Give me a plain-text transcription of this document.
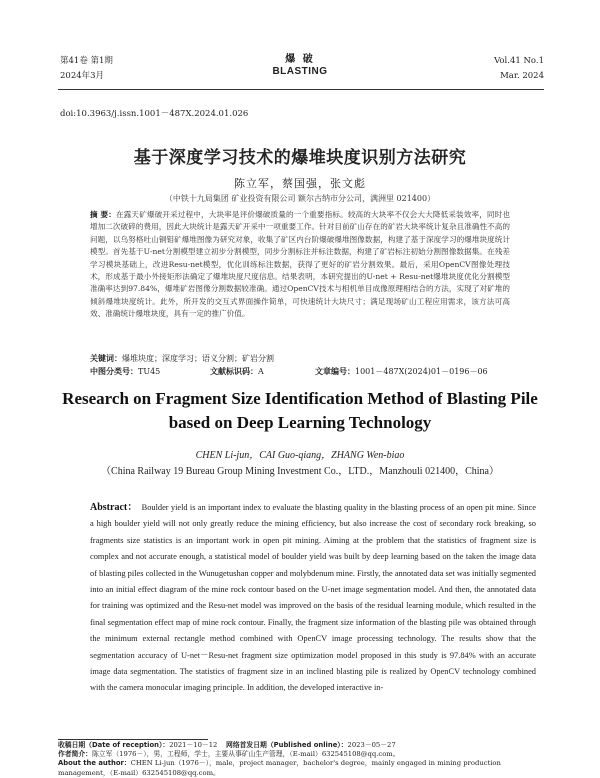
第41卷 第1期
2024年3月
爆 破
BLASTING
Vol.41 No.1
Mar. 2024
doi:10.3963/j.issn.1001－487X.2024.01.026
基于深度学习技术的爆堆块度识别方法研究
陈立军，蔡国强，张文彪
（中铁十九局集团 矿业投资有限公司 额尔古纳市分公司，满洲里 021400）
摘 要：在露天矿爆破开采过程中，大块率是评价爆破质量的一个重要指标。较高的大块率不仅会大大降低采装效率，同时也增加二次破碎的费用，因此大块统计是露天矿开采中一项重要工作。针对目前矿山存在的矿岩大块率统计复杂且准确性不高的问题，以乌努格吐山铜钼矿爆堆图像为研究对象，收集了矿区内台阶爆破爆堆图像数据，构建了基于深度学习的爆堆块度统计模型。首先基于U-net分割模型建立初步分割模型，同步分割标注并标注数据，构建了矿岩标注初始分割图像数据集。在残差学习模块基础上，改进Resu-net模型，优化训练标注数据，获得了更好的矿岩分割效果。最后，采用OpenCV图像处理技术，形成基于最小外接矩形法确定了爆堆块度尺度信息。结果表明，本研究提出的U-net + Resu-net爆堆块度优化分割模型准确率达到97.84%，爆堆矿岩图像分割数据较准确。通过OpenCV技术与相机单目成像原理相结合的方法，实现了对矿堆的倾斜爆堆块度统计。此外，所开发的交互式界面操作简单，可快速统计大块尺寸；满足现场矿山工程应用需求，该方法可高效、准确统计爆堆块度，具有一定的推广价值。
关键词：爆堆块度；深度学习；语义分割；矿岩分割
中图分类号：TU45	文献标识码：A	文章编号：1001－487X(2024)01－0196－06
Research on Fragment Size Identification Method of Blasting Pile based on Deep Learning Technology
CHEN Li-jun，CAI Guo-qiang，ZHANG Wen-biao
（China Railway 19 Bureau Group Mining Investment Co.，LTD.，Manzhouli 021400，China）
Abstract： Boulder yield is an important index to evaluate the blasting quality in the blasting process of an open pit mine. Since a high boulder yield will not only greatly reduce the mining efficiency, but also increase the cost of secondary rock breaking, so fragments size statistics is an important work in open pit mining. Aiming at the problem that the statistics of fragment size is complex and not accurate enough, a statistical model of boulder yield was built by deep learning based on the taken the image data of blasting piles collected in the Wunugetushan copper and molybdenum mine. Firstly, the annotated data set was initially segmented into an initial effect diagram of the mine rock contour based on the U-net image segmentation model. And then, the annotated data for training was optimized and the Resu-net model was improved on the basis of the residual learning module, which resulted in the final segmentation effect map of mine rock contour. Finally, the fragment size information of the blasting pile was obtained through the minimum external rectangle method combined with OpenCV image processing technology. The results show that the segmentation accuracy of U-net－Resu-net fragment size optimization model proposed in this study is 97.84% with an accurate image data segmentation. The statistics of fragment size in an inclined blasting pile is realized by OpenCV technology combined with the camera monocular imaging principle. In addition, the developed interactive in-
收稿日期（Date of reception）：2021－10－12 网络首发日期（Published online）：2023－05－27
作者简介：陈立军（1976－），男，工程师，学士，主要从事矿山生产管理，（E-mail）632545108@qq.com。
About the author：CHEN Li-jun（1976－），male，project manager，bachelor's degree，mainly engaged in mining production management，（E-mail）632545108@qq.com。
